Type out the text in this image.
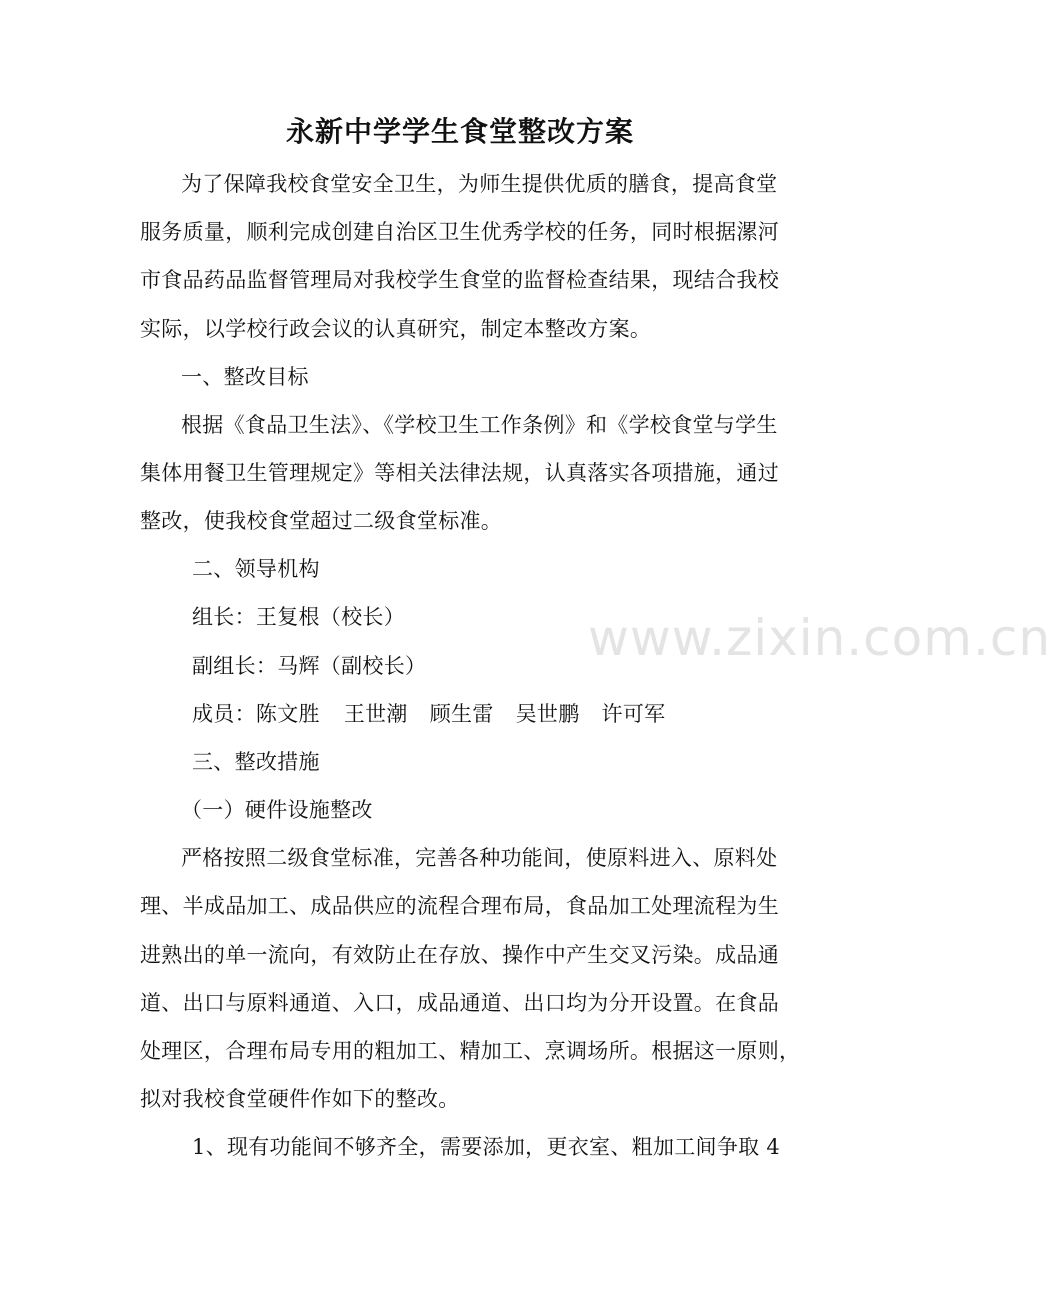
永新中学学生食堂整改方案
为了保障我校食堂安全卫生，为师生提供优质的膳食，提高食堂
服务质量，顺利完成创建自治区卫生优秀学校的任务，同时根据漯河
市食品药品监督管理局对我校学生食堂的监督检查结果，现结合我校
实际，以学校行政会议的认真研究，制定本整改方案。
一、整改目标
根据《食品卫生法》、《学校卫生工作条例》和《学校食堂与学生
集体用餐卫生管理规定》等相关法律法规，认真落实各项措施，通过
整改，使我校食堂超过二级食堂标准。
二、领导机构
组长：王复根（校长）
副组长：马辉（副校长）
成员：陈文胜 王世潮 顾生雷 吴世鹏 许可军
三、整改措施
（一）硬件设施整改
严格按照二级食堂标准，完善各种功能间，使原料进入、原料处
理、半成品加工、成品供应的流程合理布局，食品加工处理流程为生
进熟出的单一流向，有效防止在存放、操作中产生交叉污染。成品通
道、出口与原料通道、入口，成品通道、出口均为分开设置。在食品
处理区，合理布局专用的粗加工、精加工、烹调场所。根据这一原则，
拟对我校食堂硬件作如下的整改。
1、现有功能间不够齐全，需要添加，更衣室、粗加工间争取 4
www.zixin.com.cn
